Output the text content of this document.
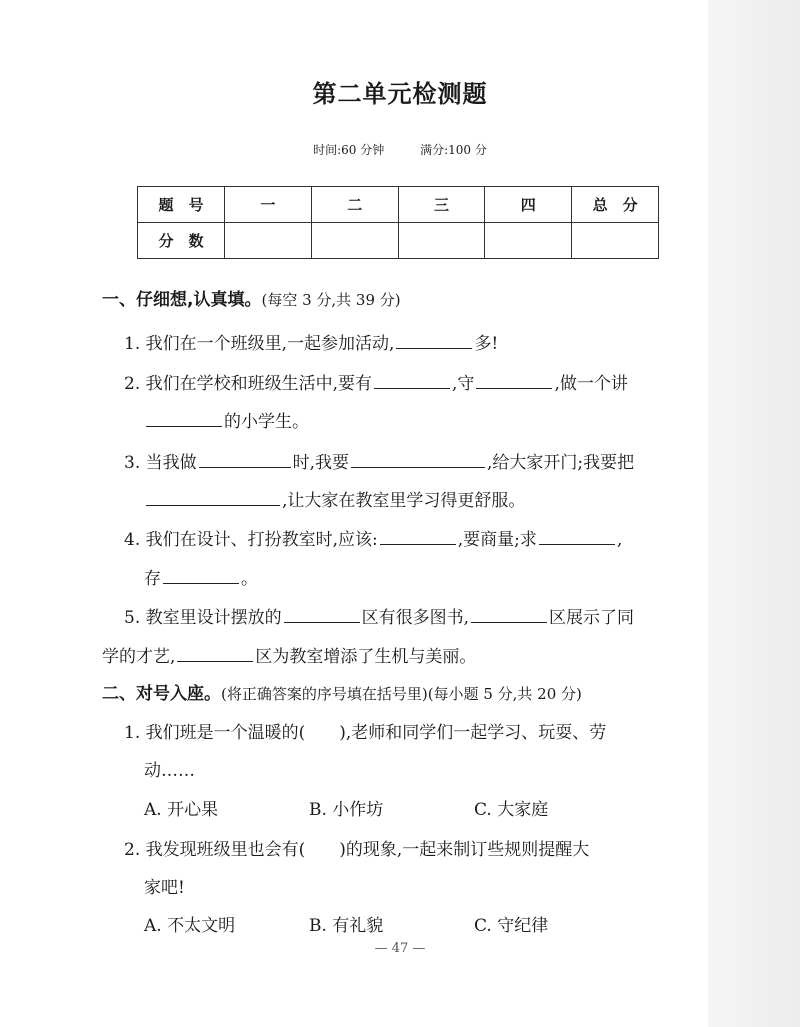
第二单元检测题
时间:60 分钟	满分:100 分
题　号	一	二	三	四	总　分
分　数					
一、仔细想,认真填。(每空 3 分,共 39 分)
1. 我们在一个班级里,一起参加活动,	多!
2. 我们在学校和班级生活中,要有	,守	,做一个讲
的小学生。
3. 当我做	时,我要	,给大家开门;我要把
,让大家在教室里学习得更舒服。
4. 我们在设计、打扮教室时,应该:	,要商量;求	,
存	。
5. 教室里设计摆放的	区有很多图书,	区展示了同
学的才艺,	区为教室增添了生机与美丽。
二、对号入座。(将正确答案的序号填在括号里)(每小题 5 分,共 20 分)
1. 我们班是一个温暖的(　　),老师和同学们一起学习、玩耍、劳
动……
A. 开心果	B. 小作坊	C. 大家庭
2. 我发现班级里也会有(　　)的现象,一起来制订些规则提醒大
家吧!
A. 不太文明	B. 有礼貌	C. 守纪律
— 47 —
